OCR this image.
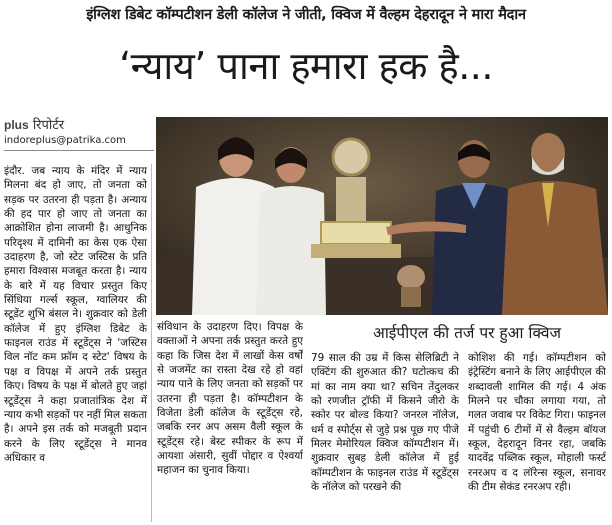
इंग्लिश डिबेट कॉम्पटीशन डेली कॉलेज ने जीती, क्विज में वैल्हम देहरादून ने मारा मैदान
‘न्याय’ पाना हमारा हक है...
plus रिपोर्टर
indoreplus@patrika.com
इंदौर. जब न्याय के मंदिर में न्याय मिलना बंद हो जाए, तो जनता को सड़क पर उतरना ही पड़ता है। अन्याय की हद पार हो जाए तो जनता का आक्रोशित होना लाजमी है। आधुनिक परिदृश्य में दामिनी का केस एक ऐसा उदाहरण है, जो स्टेट जस्टिस के प्रति हमारा विश्वास मजबूत करता है। न्याय के बारे में यह विचार प्रस्तुत किए सिंधिया गर्ल्स स्कूल, ग्वालियर की स्टूडेंट शुभि बंसल ने। शुक्रवार को डेली कॉलेज में हुए इंग्लिश डिबेट के फाइनल राउंड में स्टूडेंट्स ने 'जस्टिस विल नॉट कम फ्रॉम द स्टेट' विषय के पक्ष व विपक्ष में अपने तर्क प्रस्तुत किए। विषय के पक्ष में बोलते हुए जहां स्टूडेंट्स ने कहा प्रजातांत्रिक देश में न्याय कभी सड़कों पर नहीं मिल सकता है। अपने इस तर्क को मजबूती प्रदान करने के लिए स्टूडेंट्स ने मानव अधिकार व
आईपीएल की तर्ज पर हुआ क्विज
संविधान के उदाहरण दिए। विपक्ष के वक्ताओं ने अपना तर्क प्रस्तुत करते हुए कहा कि जिस देश में लाखों केस वर्षों से जजमेंट का रास्ता देख रहे हो वहां न्याय पाने के लिए जनता को सड़कों पर उतरना ही पड़ता है। कॉम्पटीशन के विजेता डेली कॉलेज के स्टूडेंट्स रहे, जबकि रनर अप असम वैली स्कूल के स्टूडेंट्स रहे। बेस्ट स्पीकर के रूप में आयशा अंसारी, सुवीं पोद्दार व ऐश्वर्या महाजन का चुनाव किया।
79 साल की उम्र में किस सेलिब्रिटी ने एक्टिंग की शुरुआत की? घटोत्कच की मां का नाम क्या था? सचिन तेंदुलकर को रणजीत ट्रॉफी में किसने जीरो के स्कोर पर बोल्ड किया? जनरल नॉलेज, धर्म व स्पोर्ट्स से जुड़े प्रश्न पूछ गए पीजे मिलर मेमोरियल क्विज कॉम्पटीशन में। शुक्रवार सुबह डेली कॉलेज में हुई कॉम्पटीशन के फाइनल राउंड में स्टूडेंट्स के नॉलेज को परखने की
कोशिश की गई। कॉम्पटीशन को इंट्रेस्टिंग बनाने के लिए आईपीएल की शब्दावली शामिल की गई। 4 अंक मिलने पर चौका लगाया गया, तो गलत जवाब पर विकेट गिरा। फाइनल में पहुंची 6 टीमों में से वैल्हम बॉयज स्कूल, देहरादून विनर रहा, जबकि यादवेंद्र पब्लिक स्कूल, मोहाली फर्स्ट रनरअप व द लॉरेन्स स्कूल, सनावर की टीम सेकंड रनरअप रही।
